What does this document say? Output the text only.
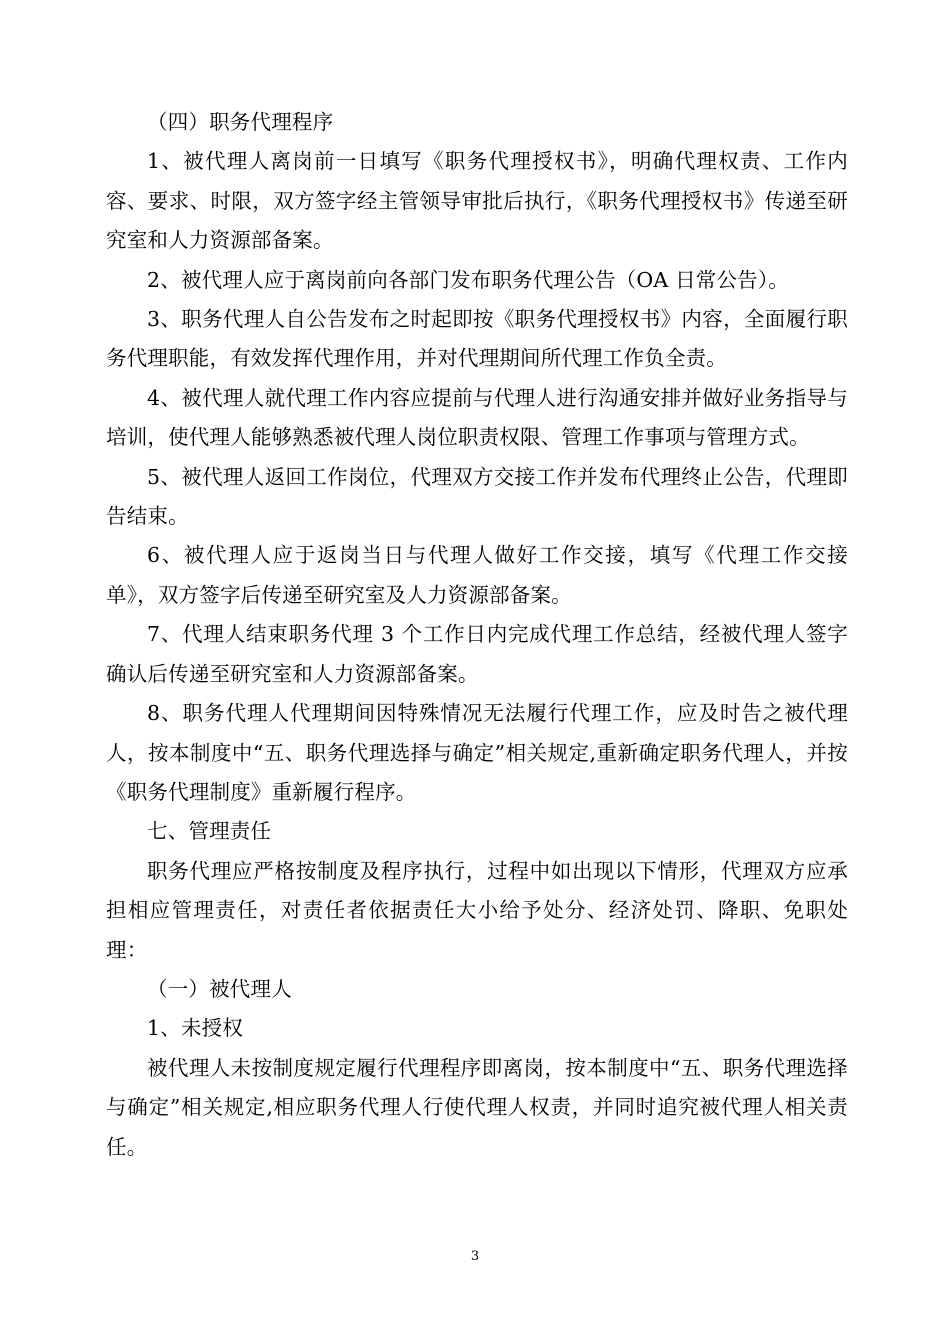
（四）职务代理程序

1、被代理人离岗前一日填写《职务代理授权书》，明确代理权责、工作内容、要求、时限，双方签字经主管领导审批后执行，《职务代理授权书》传递至研究室和人力资源部备案。

2、被代理人应于离岗前向各部门发布职务代理公告（OA 日常公告）。

3、职务代理人自公告发布之时起即按《职务代理授权书》内容，全面履行职务代理职能，有效发挥代理作用，并对代理期间所代理工作负全责。

4、被代理人就代理工作内容应提前与代理人进行沟通安排并做好业务指导与培训，使代理人能够熟悉被代理人岗位职责权限、管理工作事项与管理方式。

5、被代理人返回工作岗位，代理双方交接工作并发布代理终止公告，代理即告结束。

6、被代理人应于返岗当日与代理人做好工作交接，填写《代理工作交接单》，双方签字后传递至研究室及人力资源部备案。

7、代理人结束职务代理 3 个工作日内完成代理工作总结，经被代理人签字确认后传递至研究室和人力资源部备案。

8、职务代理人代理期间因特殊情况无法履行代理工作，应及时告之被代理人，按本制度中“五、职务代理选择与确定”相关规定,重新确定职务代理人，并按《职务代理制度》重新履行程序。

七、管理责任

职务代理应严格按制度及程序执行，过程中如出现以下情形，代理双方应承担相应管理责任，对责任者依据责任大小给予处分、经济处罚、降职、免职处理：

（一）被代理人

1、未授权

被代理人未按制度规定履行代理程序即离岗，按本制度中“五、职务代理选择与确定”相关规定,相应职务代理人行使代理人权责，并同时追究被代理人相关责任。

3
